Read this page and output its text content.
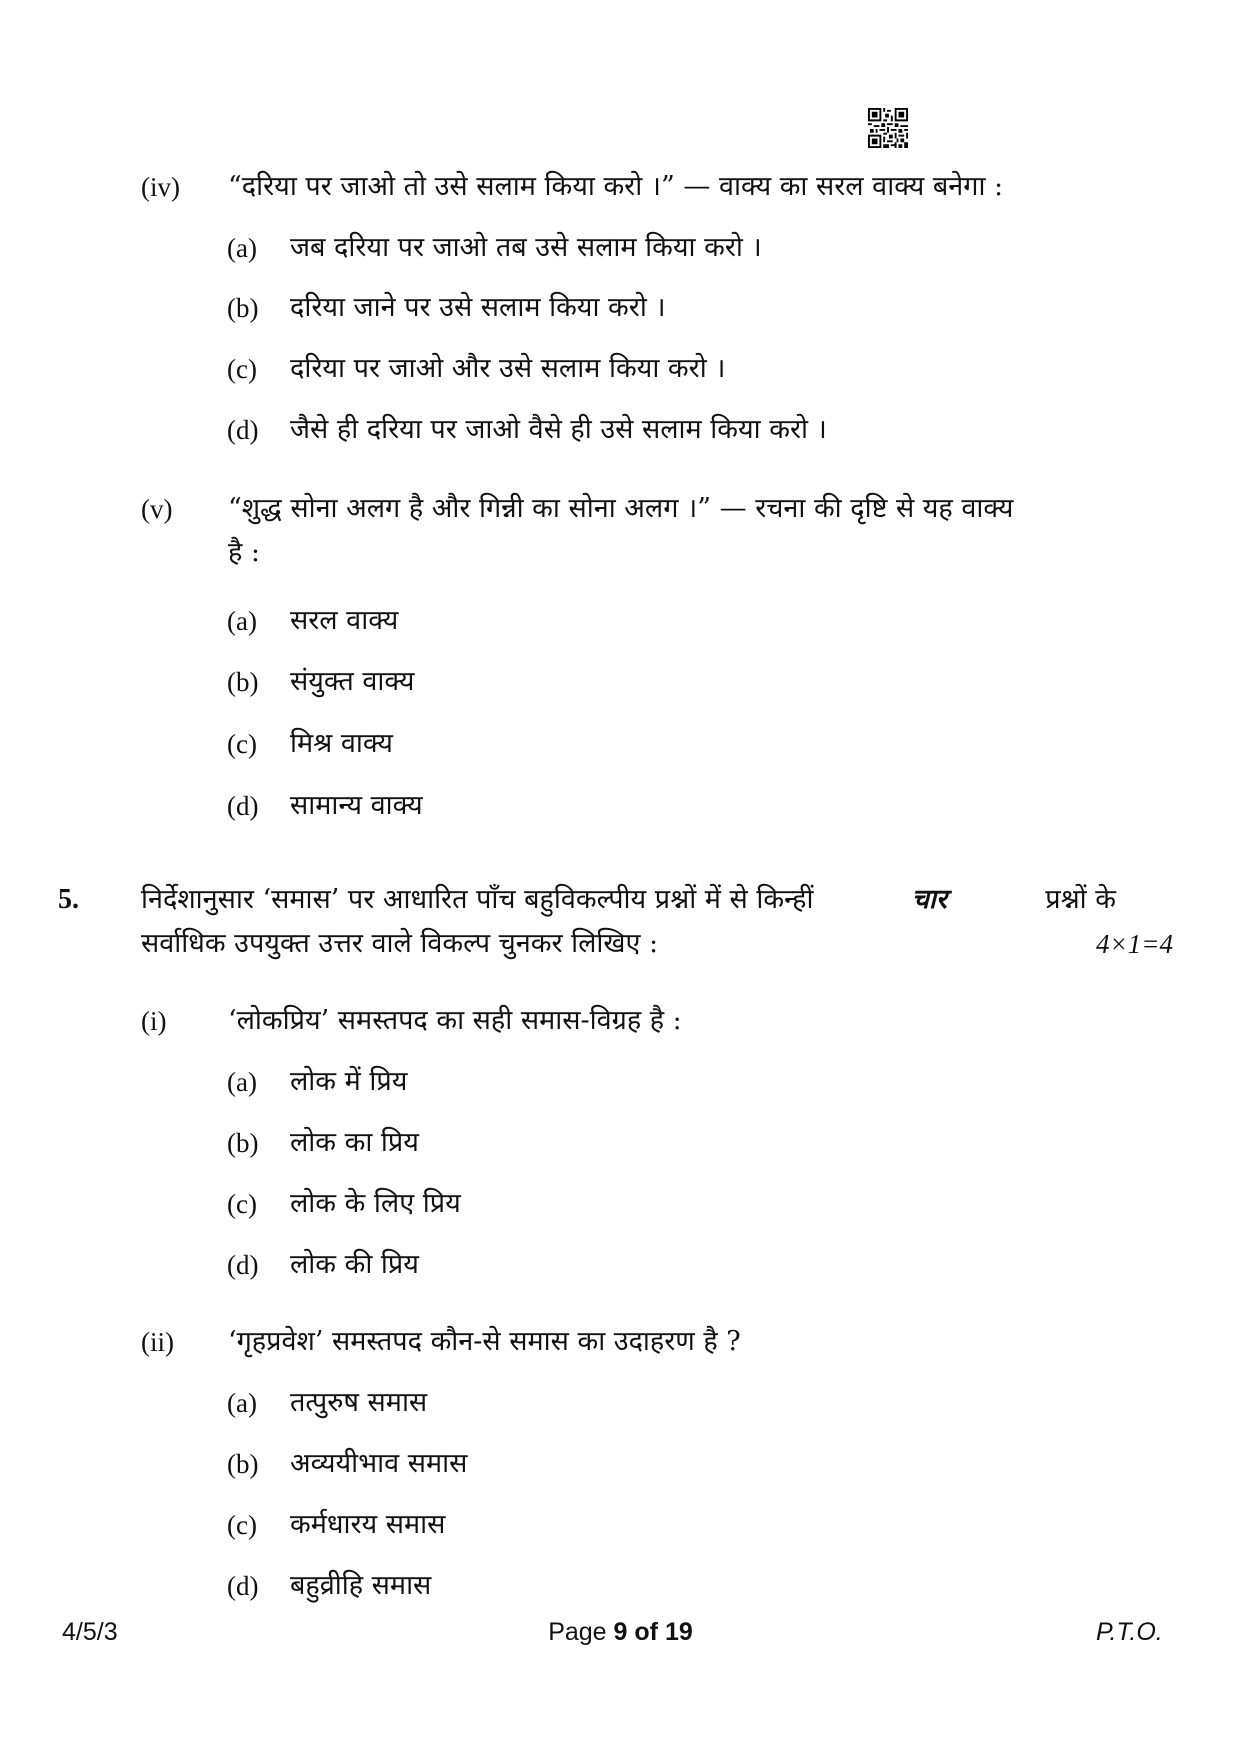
(iv) “दरिया पर जाओ तो उसे सलाम किया करो ।” — वाक्य का सरल वाक्य बनेगा :
(a) जब दरिया पर जाओ तब उसे सलाम किया करो ।
(b) दरिया जाने पर उसे सलाम किया करो ।
(c) दरिया पर जाओ और उसे सलाम किया करो ।
(d) जैसे ही दरिया पर जाओ वैसे ही उसे सलाम किया करो ।
(v) “शुद्ध सोना अलग है और गिन्नी का सोना अलग ।” — रचना की दृष्टि से यह वाक्य
है :
(a) सरल वाक्य
(b) संयुक्त वाक्य
(c) मिश्र वाक्य
(d) सामान्य वाक्य
5. निर्देशानुसार ‘समास’ पर आधारित पाँच बहुविकल्पीय प्रश्नों में से किन्हीं	चार	प्रश्नों के
सर्वाधिक उपयुक्त उत्तर वाले विकल्प चुनकर लिखिए :	4×1=4
(i) ‘लोकप्रिय’ समस्तपद का सही समास-विग्रह है :
(a) लोक में प्रिय
(b) लोक का प्रिय
(c) लोक के लिए प्रिय
(d) लोक की प्रिय
(ii) ‘गृहप्रवेश’ समस्तपद कौन-से समास का उदाहरण है ?
(a) तत्पुरुष समास
(b) अव्ययीभाव समास
(c) कर्मधारय समास
(d) बहुव्रीहि समास
4/5/3	Page 9 of 19	P.T.O.
